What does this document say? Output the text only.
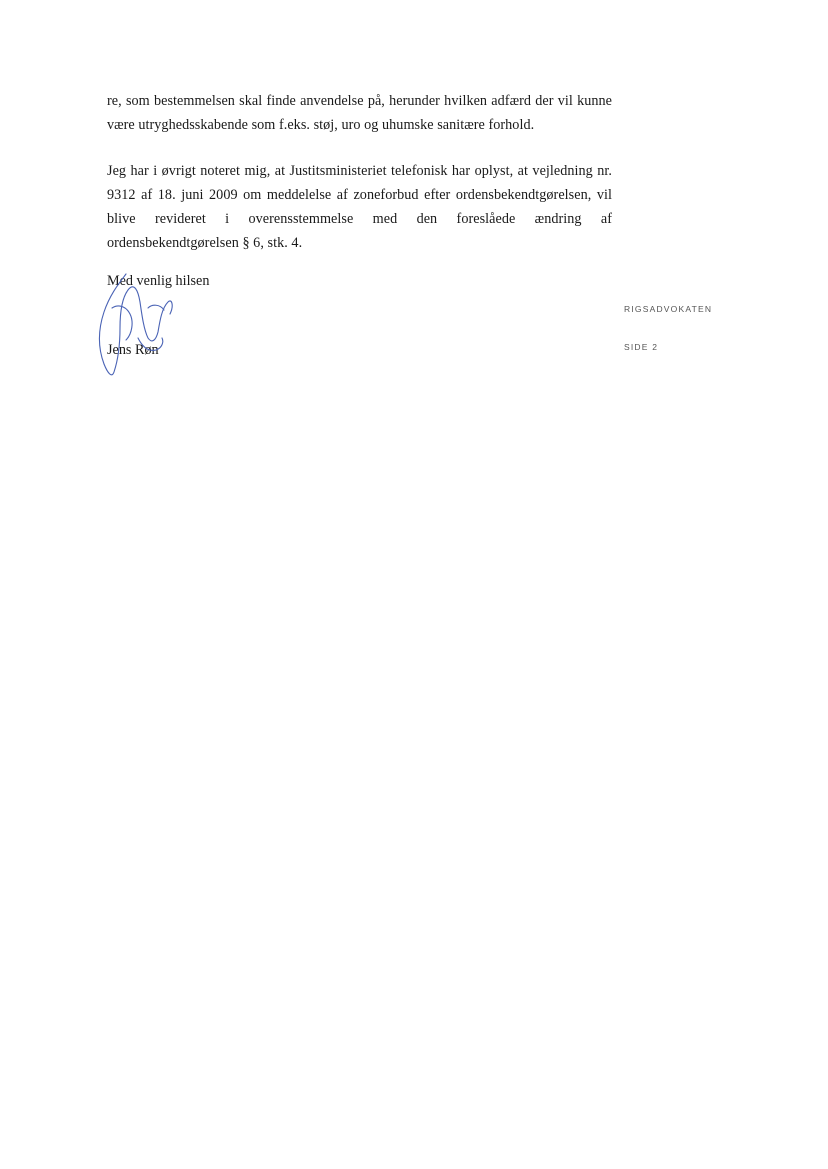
re, som bestemmelsen skal finde anvendelse på, herunder hvilken adfærd der vil kunne være utryghedsskabende som f.eks. støj, uro og uhumske sanitære forhold.

Jeg har i øvrigt noteret mig, at Justitsministeriet telefonisk har oplyst, at vejledning nr. 9312 af 18. juni 2009 om meddelelse af zoneforbud efter ordensbekendtgørelsen, vil blive revideret i overensstemmelse med den foreslåede ændring af ordensbekendtgørelsen § 6, stk. 4.

Med venlig hilsen
Jens Røn
RIGSADVOKATEN
SIDE 2
